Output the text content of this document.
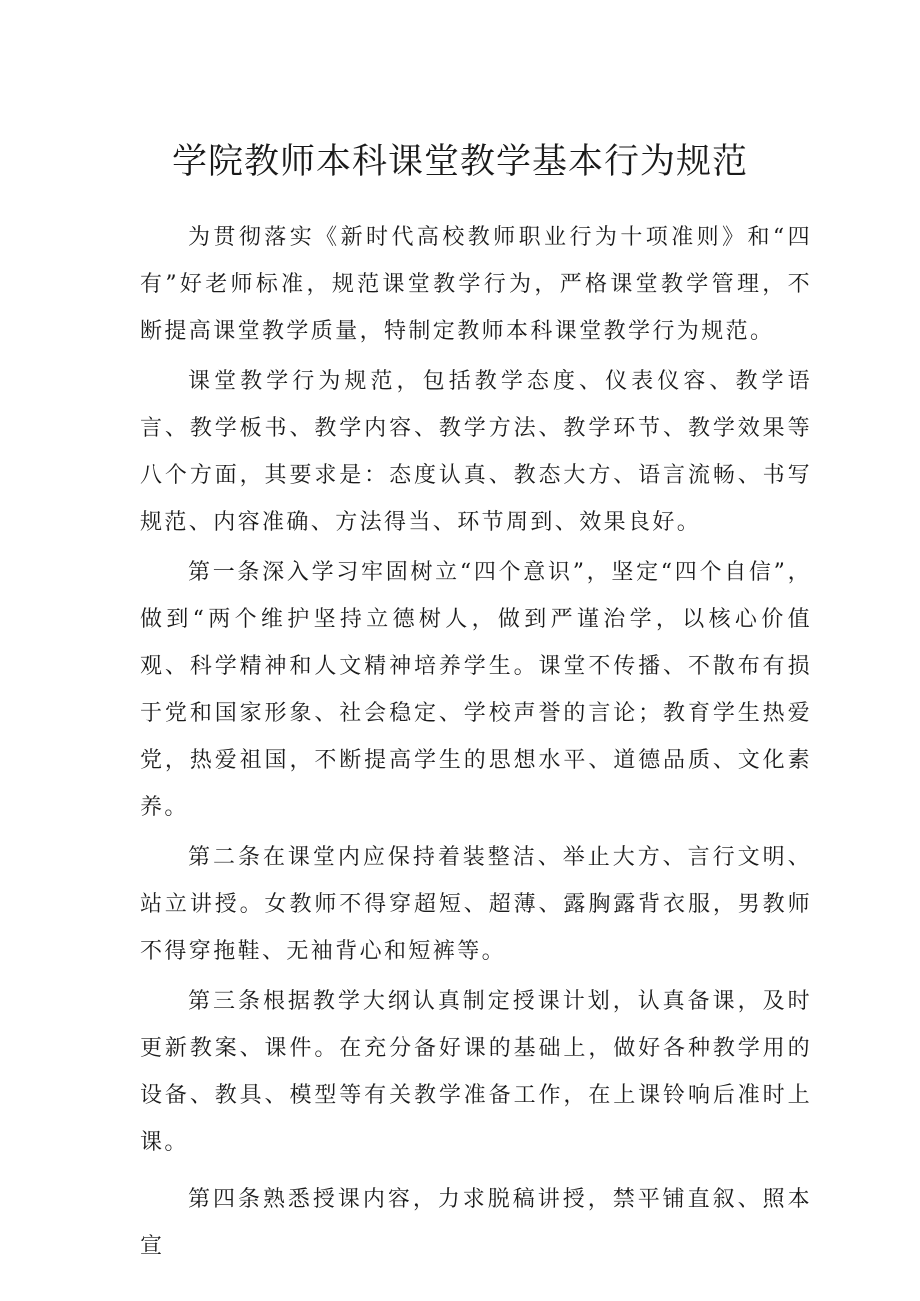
学院教师本科课堂教学基本行为规范

为贯彻落实《新时代高校教师职业行为十项准则》和“四有”好老师标准，规范课堂教学行为，严格课堂教学管理，不断提高课堂教学质量，特制定教师本科课堂教学行为规范。

课堂教学行为规范，包括教学态度、仪表仪容、教学语言、教学板书、教学内容、教学方法、教学环节、教学效果等八个方面，其要求是：态度认真、教态大方、语言流畅、书写规范、内容准确、方法得当、环节周到、效果良好。

第一条深入学习牢固树立“四个意识”，坚定“四个自信”，做到“两个维护坚持立德树人，做到严谨治学，以核心价值观、科学精神和人文精神培养学生。课堂不传播、不散布有损于党和国家形象、社会稳定、学校声誉的言论；教育学生热爱党，热爱祖国，不断提高学生的思想水平、道德品质、文化素养。

第二条在课堂内应保持着装整洁、举止大方、言行文明、站立讲授。女教师不得穿超短、超薄、露胸露背衣服，男教师不得穿拖鞋、无袖背心和短裤等。

第三条根据教学大纲认真制定授课计划，认真备课，及时更新教案、课件。在充分备好课的基础上，做好各种教学用的设备、教具、模型等有关教学准备工作，在上课铃响后准时上课。

第四条熟悉授课内容，力求脱稿讲授，禁平铺直叙、照本宣
